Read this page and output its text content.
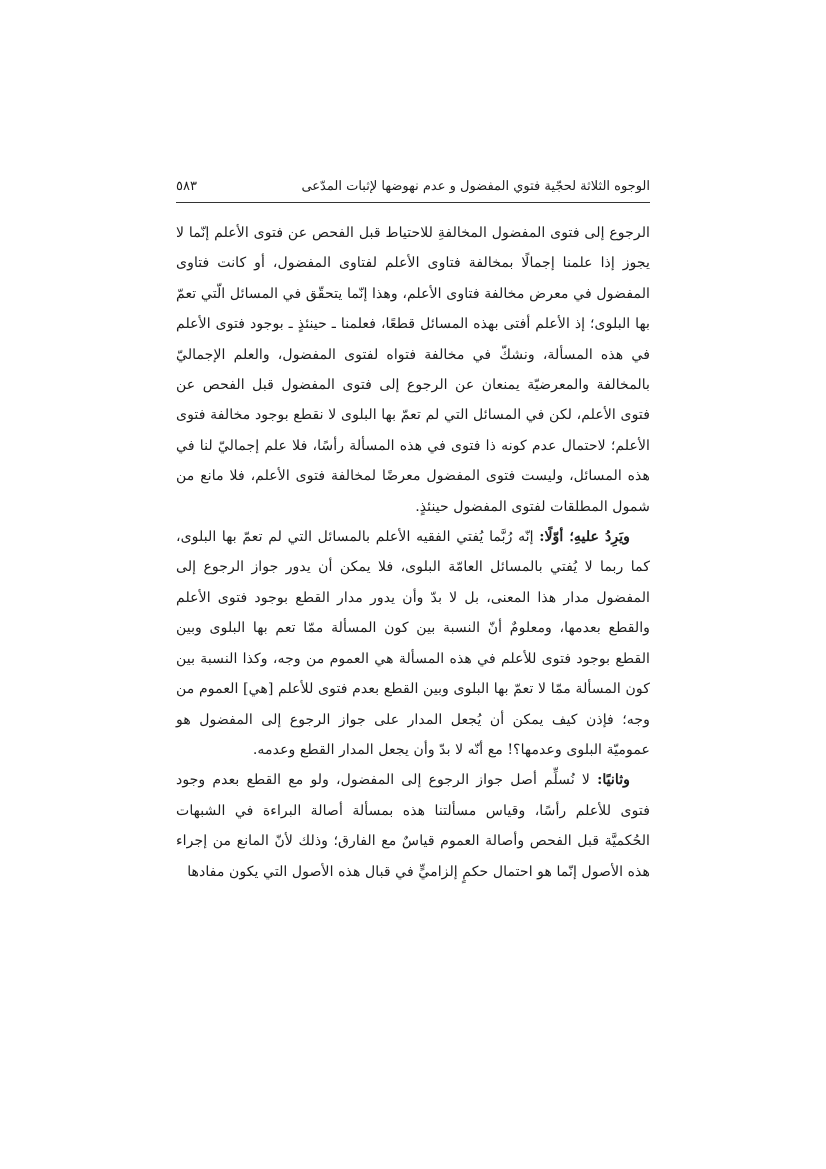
الوجوه الثلاثة لحجّية فتوي المفضول و عدم نهوضها لإثبات المدّعى
٥٨٣

الرجوع إلى فتوى المفضول المخالفةِ للاحتياط قبل الفحص عن فتوى الأعلم إنّما لا يجوز إذا علمنا إجمالًا بمخالفة فتاوى الأعلم لفتاوى المفضول، أو كانت فتاوى المفضول في معرض مخالفة فتاوى الأعلم، وهذا إنّما يتحقّق في المسائل الّتي تعمّ بها البلوى؛ إذ الأعلم أفتى بهذه المسائل قطعًا، فعلمنا ـ حينئذٍ ـ بوجود فتوى الأعلم في هذه المسألة، ونشكّ في مخالفة فتواه لفتوى المفضول، والعلم الإجماليّ بالمخالفة والمعرضيّة يمنعان عن الرجوع إلى فتوى المفضول قبل الفحص عن فتوى الأعلم، لكن في المسائل التي لم تعمّ بها البلوى لا نقطع بوجود مخالفة فتوى الأعلم؛ لاحتمال عدم كونه ذا فتوى في هذه المسألة رأسًا، فلا علم إجماليّ لنا في هذه المسائل، وليست فتوى المفضول معرضًا لمخالفة فتوى الأعلم، فلا مانع من شمول المطلقات لفتوى المفضول حينئذٍ.

ويَرِدُ عليهِ؛ أوّلًا: إنّه رُبَّما يُفتي الفقيه الأعلم بالمسائل التي لم تعمّ بها البلوى، كما ربما لا يُفتي بالمسائل العامّة البلوى، فلا يمكن أن يدور جواز الرجوع إلى المفضول مدار هذا المعنى، بل لا بدّ وأن يدور مدار القطع بوجود فتوى الأعلم والقطع بعدمها، ومعلومٌ أنّ النسبة بين كون المسألة ممّا تعم بها البلوى وبين القطع بوجود فتوى للأعلم في هذه المسألة هي العموم من وجه، وكذا النسبة بين كون المسألة ممّا لا تعمّ بها البلوى وبين القطع بعدم فتوى للأعلم [هي] العموم من وجه؛ فإذن كيف يمكن أن يُجعل المدار على جواز الرجوع إلى المفضول هو عموميّة البلوى وعدمها؟! مع أنّه لا بدّ وأن يجعل المدار القطع وعدمه.

وثانيًا: لا نُسلِّم أصل جواز الرجوع إلى المفضول، ولو مع القطع بعدم وجود فتوى للأعلم رأسًا، وقياس مسألتنا هذه بمسألة أصالة البراءة في الشبهات الحُكميَّة قبل الفحص وأصالة العموم قياسٌ مع الفارق؛ وذلك لأنّ المانع من إجراء هذه الأصول إنّما هو احتمال حكمٍ إلزاميٍّ في قبال هذه الأصول التي يكون مفادها
